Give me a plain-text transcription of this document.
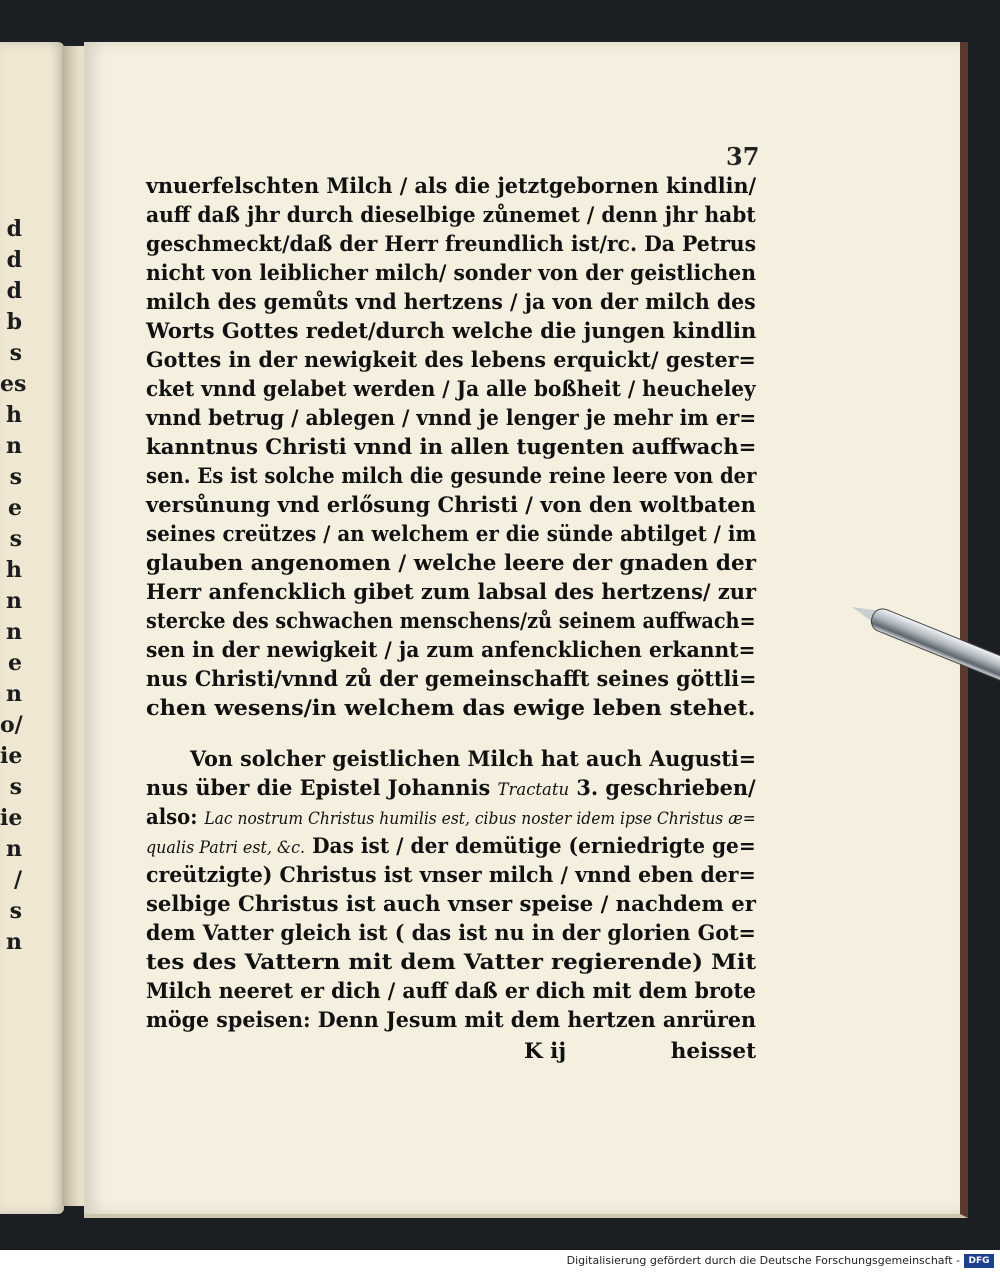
d
d
d
b
s
es
h
n
s
e
s
h
n
n
e
n
o/
ie
s
ie
n
/
s
n
37
vnuerfelschten Milch / als die jetztgebornen kindlin/
auff daß jhr durch dieselbige zůnemet / denn jhr habt
geschmeckt/daß der Herr freundlich ist/rc. Da Petrus
nicht von leiblicher milch/ sonder von der geistlichen
milch des gemůts vnd hertzens / ja von der milch des
Worts Gottes redet/durch welche die jungen kindlin
Gottes in der newigkeit des lebens erquickt/ gester=
cket vnnd gelabet werden / Ja alle boßheit / heucheley
vnnd betrug / ablegen / vnnd je lenger je mehr im er=
kanntnus Christi vnnd in allen tugenten auffwach=
sen. Es ist solche milch die gesunde reine leere von der
versůnung vnd erlősung Christi / von den woltbaten
seines creützes / an welchem er die sünde abtilget / im
glauben angenomen / welche leere der gnaden der
Herr anfencklich gibet zum labsal des hertzens/ zur
stercke des schwachen menschens/zů seinem auffwach=
sen in der newigkeit / ja zum anfencklichen erkannt=
nus Christi/vnnd zů der gemeinschafft seines göttli=
chen wesens/in welchem das ewige leben stehet.
Von solcher geistlichen Milch hat auch Augusti=
nus über die Epistel Johannis Tractatu 3. geschrieben/
also: Lac nostrum Christus humilis est, cibus noster idem ipse Christus æ=
qualis Patri est, &c. Das ist / der demütige (erniedrigte ge=
creützigte) Christus ist vnser milch / vnnd eben der=
selbige Christus ist auch vnser speise / nachdem er
dem Vatter gleich ist ( das ist nu in der glorien Got=
tes des Vattern mit dem Vatter regierende) Mit
Milch neeret er dich / auff daß er dich mit dem brote
möge speisen: Denn Jesum mit dem hertzen anrüren
K ij	heisset
Digitalisierung gefördert durch die Deutsche Forschungsgemeinschaft - DFG
